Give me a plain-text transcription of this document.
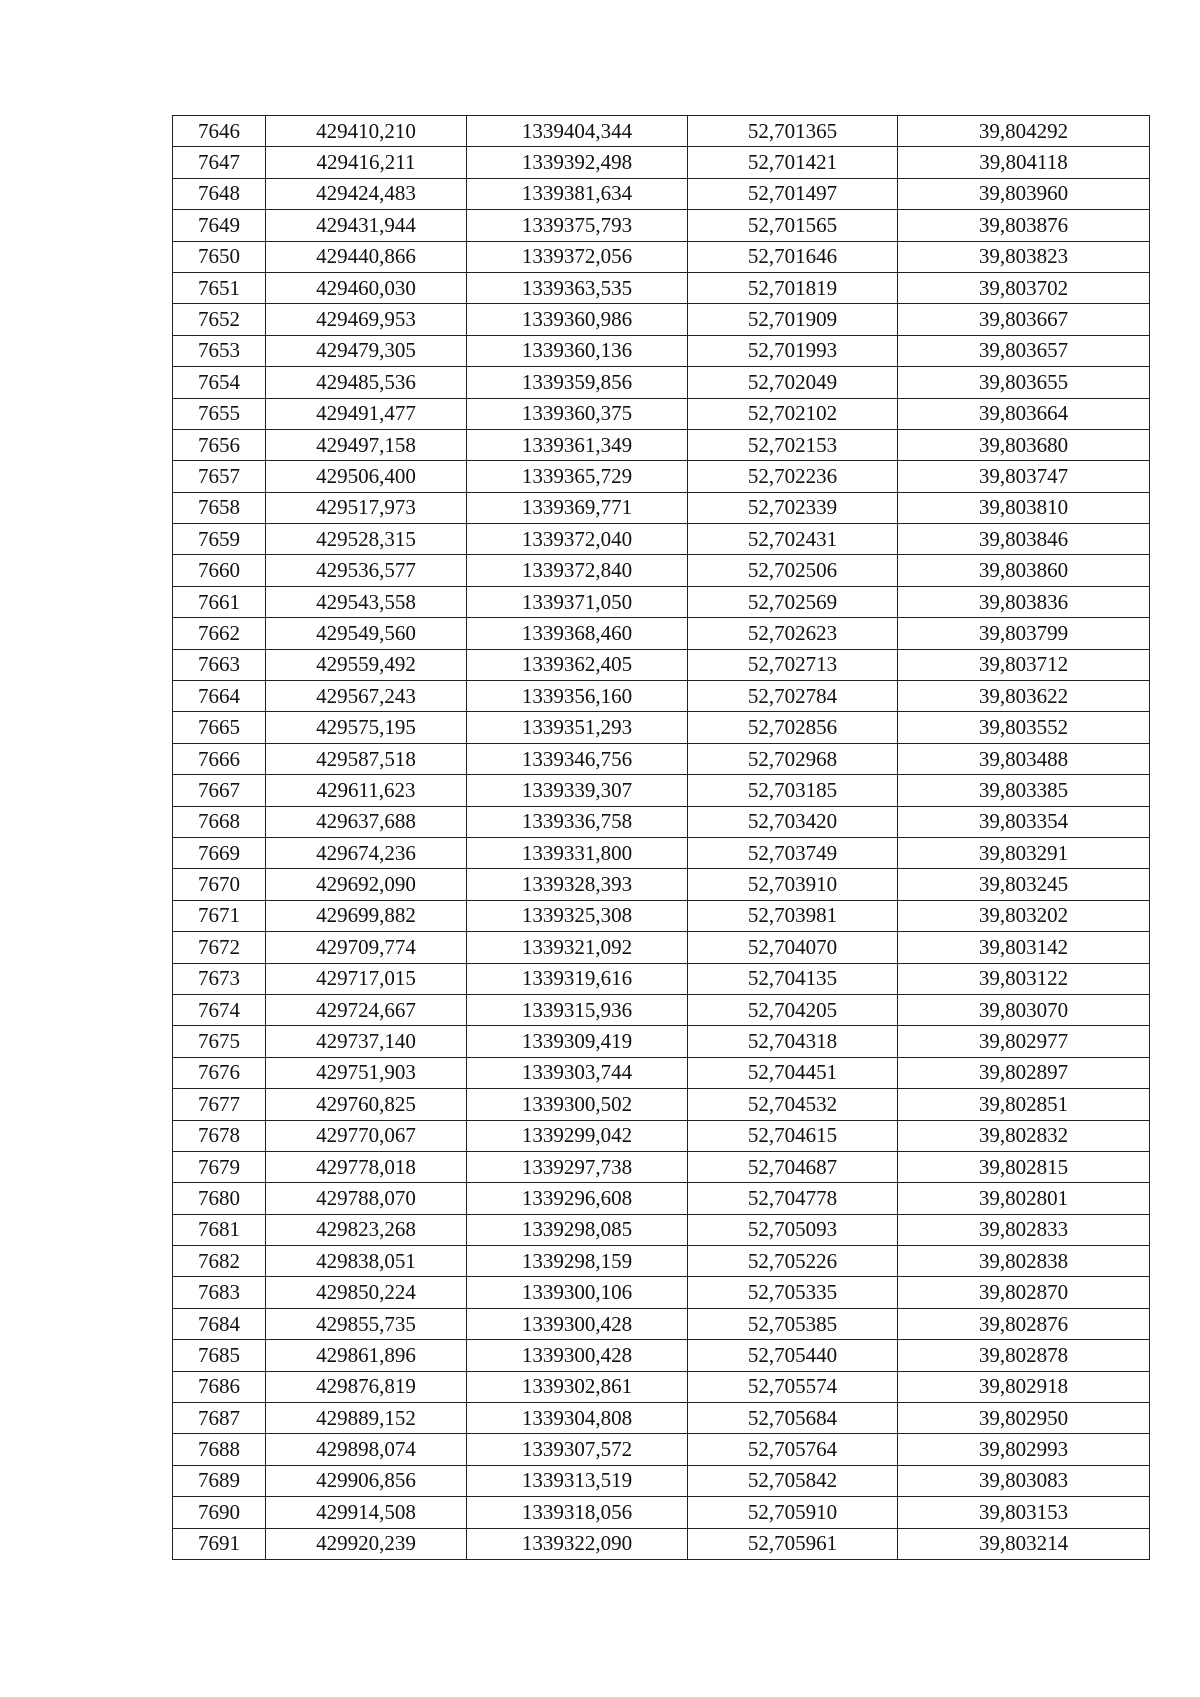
7646	429410,210	1339404,344	52,701365	39,804292
7647	429416,211	1339392,498	52,701421	39,804118
7648	429424,483	1339381,634	52,701497	39,803960
7649	429431,944	1339375,793	52,701565	39,803876
7650	429440,866	1339372,056	52,701646	39,803823
7651	429460,030	1339363,535	52,701819	39,803702
7652	429469,953	1339360,986	52,701909	39,803667
7653	429479,305	1339360,136	52,701993	39,803657
7654	429485,536	1339359,856	52,702049	39,803655
7655	429491,477	1339360,375	52,702102	39,803664
7656	429497,158	1339361,349	52,702153	39,803680
7657	429506,400	1339365,729	52,702236	39,803747
7658	429517,973	1339369,771	52,702339	39,803810
7659	429528,315	1339372,040	52,702431	39,803846
7660	429536,577	1339372,840	52,702506	39,803860
7661	429543,558	1339371,050	52,702569	39,803836
7662	429549,560	1339368,460	52,702623	39,803799
7663	429559,492	1339362,405	52,702713	39,803712
7664	429567,243	1339356,160	52,702784	39,803622
7665	429575,195	1339351,293	52,702856	39,803552
7666	429587,518	1339346,756	52,702968	39,803488
7667	429611,623	1339339,307	52,703185	39,803385
7668	429637,688	1339336,758	52,703420	39,803354
7669	429674,236	1339331,800	52,703749	39,803291
7670	429692,090	1339328,393	52,703910	39,803245
7671	429699,882	1339325,308	52,703981	39,803202
7672	429709,774	1339321,092	52,704070	39,803142
7673	429717,015	1339319,616	52,704135	39,803122
7674	429724,667	1339315,936	52,704205	39,803070
7675	429737,140	1339309,419	52,704318	39,802977
7676	429751,903	1339303,744	52,704451	39,802897
7677	429760,825	1339300,502	52,704532	39,802851
7678	429770,067	1339299,042	52,704615	39,802832
7679	429778,018	1339297,738	52,704687	39,802815
7680	429788,070	1339296,608	52,704778	39,802801
7681	429823,268	1339298,085	52,705093	39,802833
7682	429838,051	1339298,159	52,705226	39,802838
7683	429850,224	1339300,106	52,705335	39,802870
7684	429855,735	1339300,428	52,705385	39,802876
7685	429861,896	1339300,428	52,705440	39,802878
7686	429876,819	1339302,861	52,705574	39,802918
7687	429889,152	1339304,808	52,705684	39,802950
7688	429898,074	1339307,572	52,705764	39,802993
7689	429906,856	1339313,519	52,705842	39,803083
7690	429914,508	1339318,056	52,705910	39,803153
7691	429920,239	1339322,090	52,705961	39,803214
